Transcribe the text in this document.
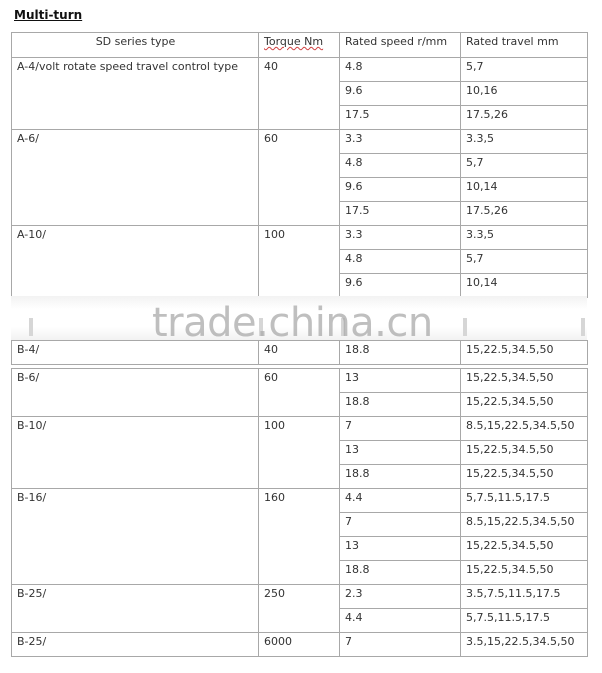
Multi-turn
SD series type	Torque Nm	Rated speed r/mm	Rated travel mm
A-4/volt rotate speed travel control type	40	4.8	5,7
9.6	10,16
17.5	17.5,26
A-6/	60	3.3	3.3,5
4.8	5,7
9.6	10,14
17.5	17.5,26
A-10/	100	3.3	3.3,5
4.8	5,7
9.6	10,14
B-4/	40	18.8	15,22.5,34.5,50
B-6/	60	13	15,22.5,34.5,50
18.8	15,22.5,34.5,50
B-10/	100	7	8.5,15,22.5,34.5,50
13	15,22.5,34.5,50
18.8	15,22.5,34.5,50
B-16/	160	4.4	5,7.5,11.5,17.5
7	8.5,15,22.5,34.5,50
13	15,22.5,34.5,50
18.8	15,22.5,34.5,50
B-25/	250	2.3	3.5,7.5,11.5,17.5
4.4	5,7.5,11.5,17.5
B-25/	6000	7	3.5,15,22.5,34.5,50
trade.china.cn
